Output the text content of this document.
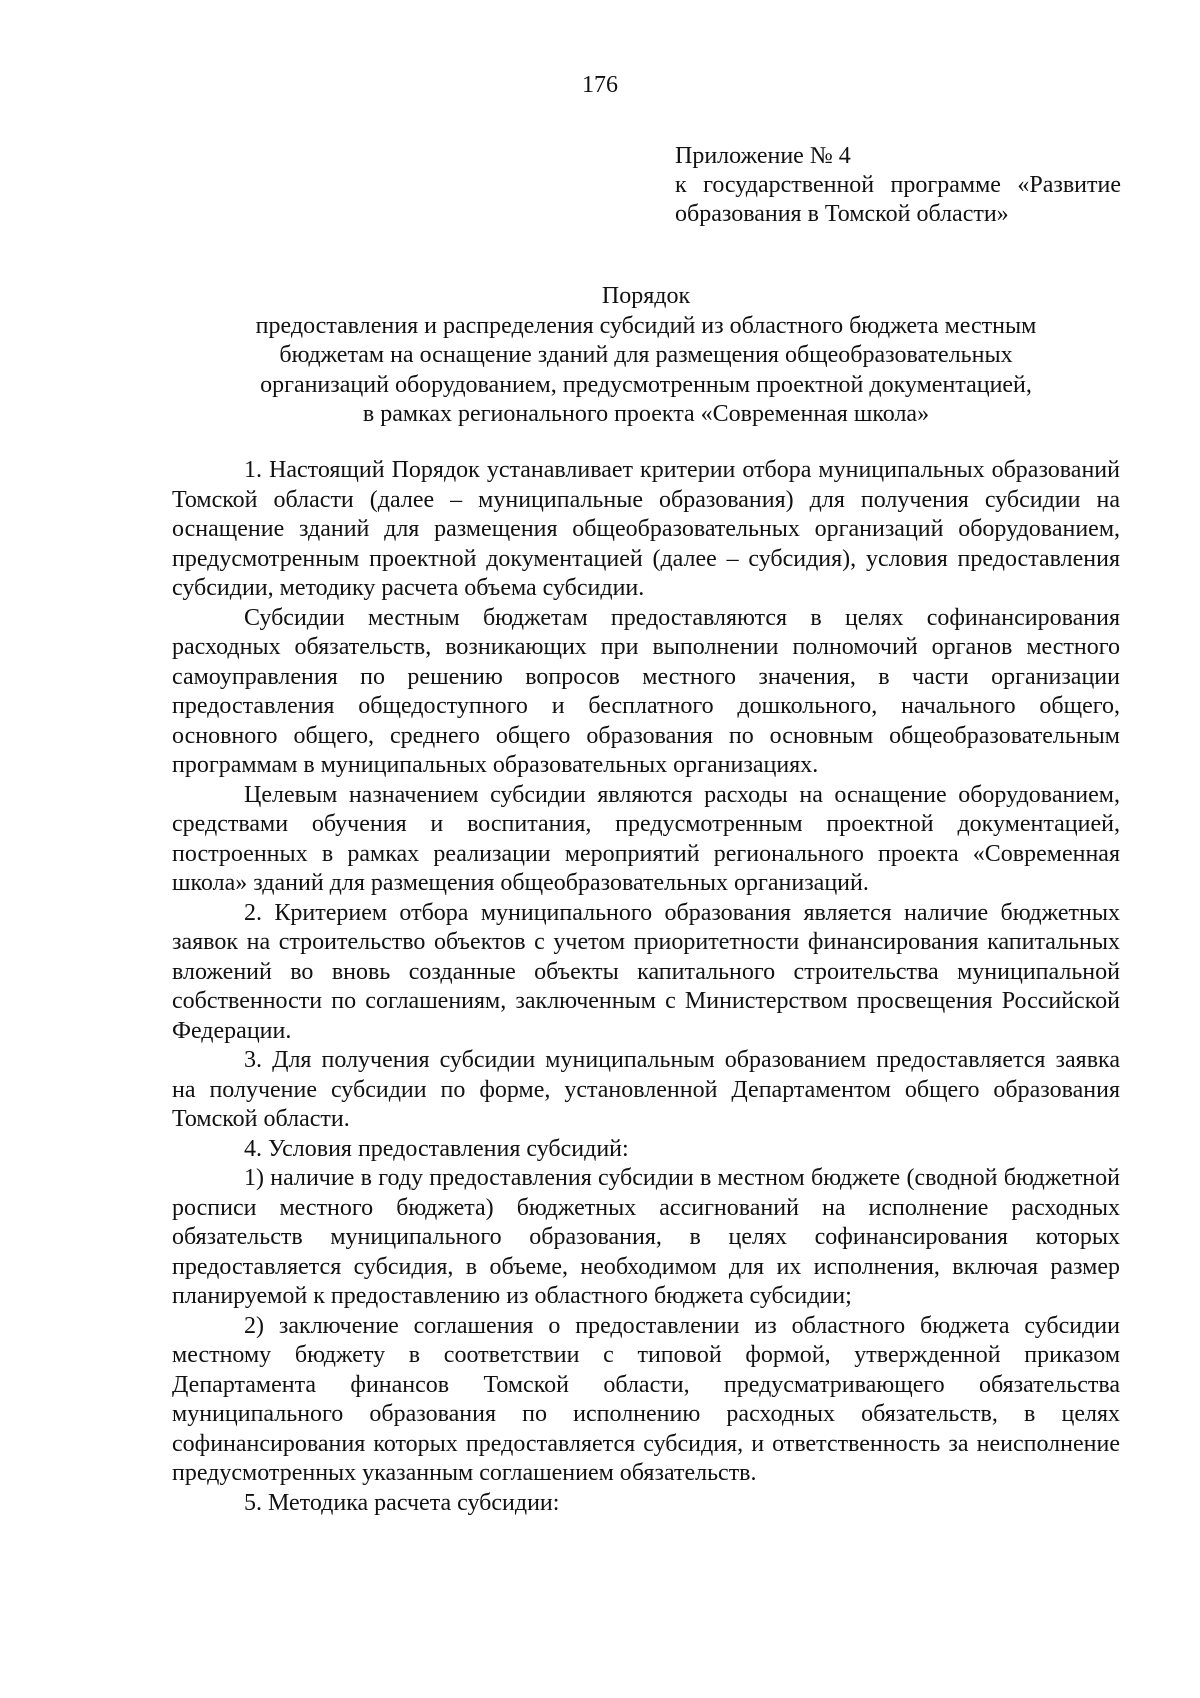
176
Приложение № 4
к государственной программе «Развитие
образования в Томской области»
Порядок
предоставления и распределения субсидий из областного бюджета местным
бюджетам на оснащение зданий для размещения общеобразовательных
организаций оборудованием, предусмотренным проектной документацией,
в рамках регионального проекта «Современная школа»

1. Настоящий Порядок устанавливает критерии отбора муниципальных образований Томской области (далее – муниципальные образования) для получения субсидии на оснащение зданий для размещения общеобразовательных организаций оборудованием, предусмотренным проектной документацией (далее – субсидия), условия предоставления субсидии, методику расчета объема субсидии.

Субсидии местным бюджетам предоставляются в целях софинансирования расходных обязательств, возникающих при выполнении полномочий органов местного самоуправления по решению вопросов местного значения, в части организации предоставления общедоступного и бесплатного дошкольного, начального общего, основного общего, среднего общего образования по основным общеобразовательным программам в муниципальных образовательных организациях.

Целевым назначением субсидии являются расходы на оснащение оборудованием, средствами обучения и воспитания, предусмотренным проектной документацией, построенных в рамках реализации мероприятий регионального проекта «Современная школа» зданий для размещения общеобразовательных организаций.

2. Критерием отбора муниципального образования является наличие бюджетных заявок на строительство объектов с учетом приоритетности финансирования капитальных вложений во вновь созданные объекты капитального строительства муниципальной собственности по соглашениям, заключенным с Министерством просвещения Российской Федерации.

3. Для получения субсидии муниципальным образованием предоставляется заявка на получение субсидии по форме, установленной Департаментом общего образования Томской области.

4. Условия предоставления субсидий:

1) наличие в году предоставления субсидии в местном бюджете (сводной бюджетной росписи местного бюджета) бюджетных ассигнований на исполнение расходных обязательств муниципального образования, в целях софинансирования которых предоставляется субсидия, в объеме, необходимом для их исполнения, включая размер планируемой к предоставлению из областного бюджета субсидии;

2) заключение соглашения о предоставлении из областного бюджета субсидии местному бюджету в соответствии с типовой формой, утвержденной приказом Департамента финансов Томской области, предусматривающего обязательства муниципального образования по исполнению расходных обязательств, в целях софинансирования которых предоставляется субсидия, и ответственность за неисполнение предусмотренных указанным соглашением обязательств.

5. Методика расчета субсидии:
